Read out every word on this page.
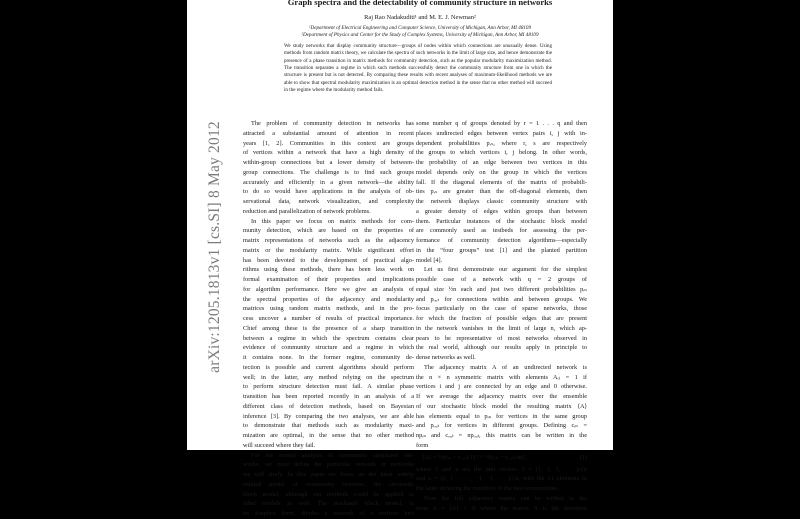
arXiv:1205.1813v1 [cs.SI] 8 May 2012
Graph spectra and the detectability of community structure in networks
Raj Rao Nadakuditi¹ and M. E. J. Newman²
¹Department of Electrical Engineering and Computer Science, University of Michigan, Ann Arbor, MI 48109
²Department of Physics and Center for the Study of Complex Systems, University of Michigan, Ann Arbor, MI 48109
We study networks that display community structure—groups of nodes within which connections are unusually dense. Using methods from random matrix theory, we calculate the spectra of such networks in the limit of large size, and hence demonstrate the presence of a phase transition in matrix methods for community detection, such as the popular modularity maximization method. The transition separates a regime in which such methods successfully detect the community structure from one in which the structure is present but is not detected. By comparing these results with recent analyses of maximum-likelihood methods we are able to show that spectral modularity maximization is an optimal detection method in the sense that no other method will succeed in the regime where the modularity method fails.
The problem of community detection in networks has
attracted a substantial amount of attention in recent
years [1, 2]. Communities in this context are groups
of vertices within a network that have a high density of
within-group connections but a lower density of between-
group connections. The challenge is to find such groups
accurately and efficiently in a given network—the ability
to do so would have applications in the analysis of ob-
servational data, network visualization, and complexity
reduction and parallelization of network problems.
In this paper we focus on matrix methods for com-
munity detection, which are based on the properties of
matrix representations of networks such as the adjacency
matrix or the modularity matrix. While significant effort
has been devoted to the development of practical algo-
rithms using these methods, there has been less work on
formal examination of their properties and implications
for algorithm performance. Here we give an analysis of
the spectral properties of the adjacency and modularity
matrices using random matrix methods, and in the pro-
cess uncover a number of results of practical importance.
Chief among these is the presence of a sharp transition
between a regime in which the spectrum contains clear
evidence of community structure and a regime in which
it contains none. In the former regime, community de-
tection is possible and current algorithms should perform
well; in the latter, any method relying on the spectrum
to perform structure detection must fail. A similar phase
transition has been reported recently in an analysis of a
different class of detection methods, based on Bayesian
inference [3]. By comparing the two analyses, we are able
to demonstrate that methods such as modularity maxi-
mization are optimal, in the sense that no other method
will succeed where they fail.
For the formal analysis of community structured net-
works, we must define the particular network or networks
we will study. In this paper we focus on the most widely
studied model of community structure, the stochastic
block model, although our methods could be applied to
other models as well. The stochastic block model, in
its simplest form, divides a network of n vertices into
some number q of groups denoted by r = 1 . . . q and then
places undirected edges between vertex pairs i, j with in-
dependent probabilities pᵣₛ, where r, s are respectively
the groups to which vertices i, j belong. In other words,
the probability of an edge between two vertices in this
model depends only on the group in which the vertices
fall. If the diagonal elements of the matrix of probabili-
ties pᵣₛ are greater than the off-diagonal elements, then
the network displays classic community structure with
a greater density of edges within groups than between
them. Particular instances of the stochastic block model
are commonly used as testbeds for assessing the per-
formance of community detection algorithms—especially
in the “four groups” test [1] and the planted partition
model [4].
Let us first demonstrate our argument for the simplest
possible case of a network with q = 2 groups of
equal size ½n each and just two different probabilities pᵢₙ
and pₒᵤₜ for connections within and between groups. We
focus particularly on the case of sparse networks, those
for which the fraction of possible edges that are present
in the network vanishes in the limit of large n, which ap-
pears to be representative of most networks observed in
the real world, although our results apply in principle to
dense networks as well.
The adjacency matrix A of an undirected network is
the n × n symmetric matrix with elements Aᵢⱼ = 1 if
vertices i and j are connected by an edge and 0 otherwise.
If we average the adjacency matrix over the ensemble
of our stochastic block model the resulting matrix ⟨A⟩
has elements equal to pᵢₙ for vertices in the same group
and pₒᵤₜ for vertices in different groups. Defining cᵢₙ =
npᵢₙ and cₒᵤₜ = npₒᵤₜ, this matrix can be written in the
form
⟨A⟩ = ½(cᵢₙ + cₒᵤₜ) 11ᵀ + ½(cᵢₙ − cₒᵤₜ) uuᵀ,	(1)
where 1 and u are the unit vectors 1 = (1, 1, 1, . . .)/√n
and u = (1, 1, . . . , −1, −1, . . .)/√n, with the ±1 elements in
the latter denoting the members of the two communities.
Now the full adjacency matrix can be written in the
form A = ⟨A⟩ + X where the matrix X is the deviation
